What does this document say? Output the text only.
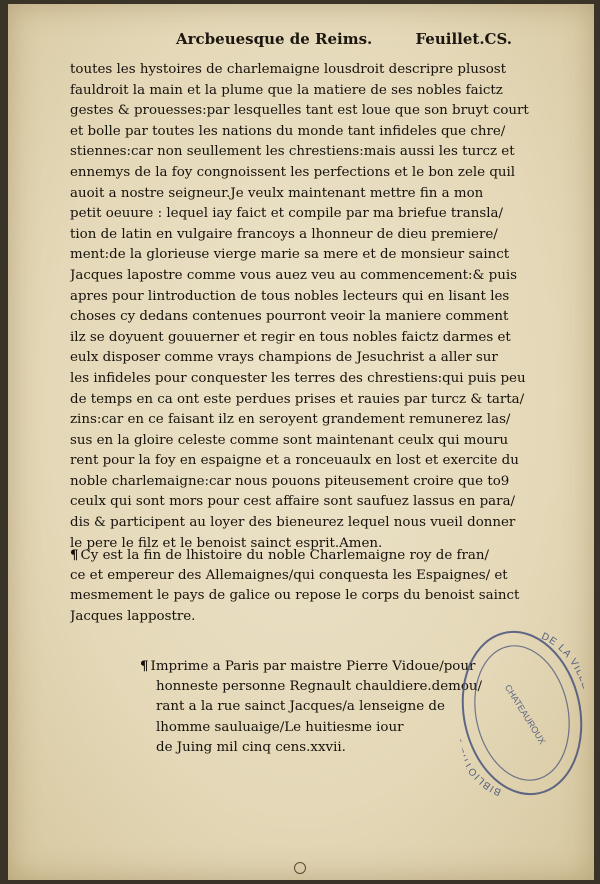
Arcbeuesque de Reims.	Feuillet.CS.
toutes les hystoires de charlemaigne lousdroit descripre plusost
fauldroit la main et la plume que la matiere de ses nobles faictz
gestes & prouesses:par lesquelles tant est loue que son bruyt court
et bolle par toutes les nations du monde tant infideles que chre/
stiennes:car non seullement les chrestiens:mais aussi les turcz et
ennemys de la foy congnoissent les perfections et le bon zele quil
auoit a nostre seigneur.Je veulx maintenant mettre fin a mon
petit oeuure : lequel iay faict et compile par ma briefue transla/
tion de latin en vulgaire francoys a lhonneur de dieu premiere/
ment:de la glorieuse vierge marie sa mere et de monsieur sainct
Jacques lapostre comme vous auez veu au commencement:& puis
apres pour lintroduction de tous nobles lecteurs qui en lisant les
choses cy dedans contenues pourront veoir la maniere comment
ilz se doyuent gouuerner et regir en tous nobles faictz darmes et
eulx disposer comme vrays champions de Jesuchrist a aller sur
les infideles pour conquester les terres des chrestiens:qui puis peu
de temps en ca ont este perdues prises et rauies par turcz & tarta/
zins:car en ce faisant ilz en seroyent grandement remunerez las/
sus en la gloire celeste comme sont maintenant ceulx qui mouru
rent pour la foy en espaigne et a ronceuaulx en lost et exercite du
noble charlemaigne:car nous pouons piteusement croire que to9
ceulx qui sont mors pour cest affaire sont saufuez lassus en para/
dis & participent au loyer des bieneurez lequel nous vueil donner
le pere le filz et le benoist sainct esprit.Amen.
¶ Cy est la fin de lhistoire du noble Charlemaigne roy de fran/
ce et empereur des Allemaignes/qui conquesta les Espaignes/ et
mesmement le pays de galice ou repose le corps du benoist sainct
Jacques lappostre.
¶ Imprime a Paris par maistre Pierre Vidoue/pour
honneste personne Regnault chauldiere.demou/
rant a la rue sainct Jacques/a lenseigne de
lhomme sauluaige/Le huitiesme iour
de Juing mil cinq cens.xxvii.
BIBLIOTHEQUE
DE LA VILLE
CHATEAUROUX
